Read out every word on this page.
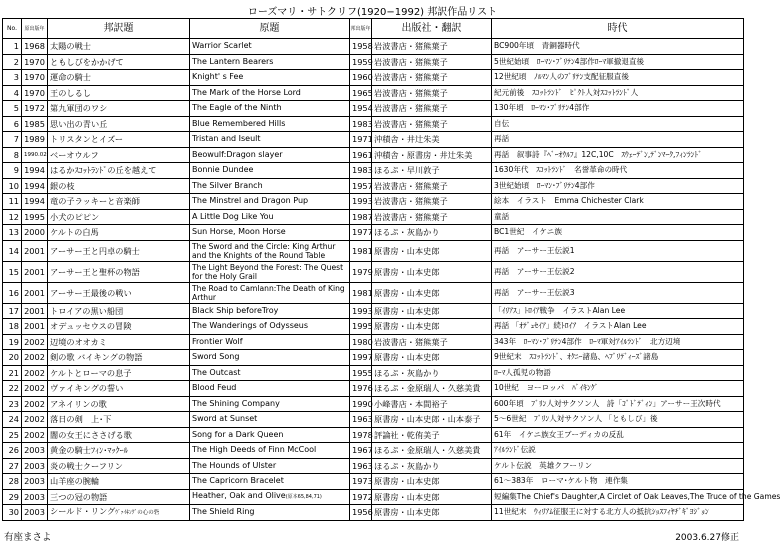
ローズマリ・サトクリフ(1920−1992) 邦訳作品リスト
No.	原出版年	邦訳題	原題	邦出版年	出版社・翻訳	時代
1	1968	太陽の戦士	Warrior Scarlet	1958	岩波書店・猪熊葉子	BC900年頃　青銅器時代
2	1970	ともしびをかかげて	The Lantern Bearers	1959	岩波書店・猪熊葉子	5世紀始頃　ﾛｰﾏﾝ･ﾌﾞﾘﾃﾝ4部作ﾛｰﾏ軍撤退直後
3	1970	運命の騎士	Knight' s Fee	1960	岩波書店・猪熊葉子	12世紀頃　ﾉﾙﾏﾝ人のﾌﾞﾘﾃﾝ支配征服直後
4	1970	王のしるし	The Mark of the Horse Lord	1965	岩波書店・猪熊葉子	紀元前後　ｽｺｯﾄﾗﾝﾄﾞ　ﾋﾟｸﾄ人対ｽｺｯﾄﾗﾝﾄﾞ人
5	1972	第九軍団のワシ	The Eagle of the Ninth	1954	岩波書店・猪熊葉子	130年頃　ﾛｰﾏﾝ･ﾌﾞﾘﾃﾝ4部作
6	1985	思い出の青い丘	Blue Remembered Hills	1983	岩波書店・猪熊葉子	自伝
7	1989	トリスタンとイズー	Tristan and Iseult	1971	沖積舎・井辻朱美	再話
8	1990.02	ベーオウルフ	Beowulf:Dragon slayer	1961	沖積舎・原書房・井辻朱美	再話　叙事詩『ﾍﾞｰｵｳﾙﾌ』12C,10C　ｽｳｪｰﾃﾞﾝ,ﾃﾞﾝﾏｰｸ,ﾌｨﾝﾗﾝﾄﾞ
9	1994	はるかｽｺｯﾄﾗﾝﾄﾞの丘を越えて	Bonnie Dundee	1983	ほるぷ・早川敦子	1630年代　ｽｺｯﾄﾗﾝﾄﾞ　名誉革命の時代
10	1994	銀の枝	The Silver Branch	1957	岩波書店・猪熊葉子	3世紀始頃　ﾛｰﾏﾝ･ﾌﾞﾘﾃﾝ4部作
11	1994	竜の子ラッキーと音楽師	The Minstrel and Dragon Pup	1993	岩波書店・猪熊葉子	絵本　イラスト　Emma Chichester Clark
12	1995	小犬のピピン	A Little Dog Like You	1987	岩波書店・猪熊葉子	童話
13	2000	ケルトの白馬	Sun Horse, Moon Horse	1977	ほるぷ・灰島かり	BC1世紀　イケニ族
14	2001	アーサー王と円卓の騎士	The Sword and the Circle: King Arthur and the Knights of the Round Table	1981	原書房・山本史郎	再話　アーサー王伝説1
15	2001	アーサー王と聖杯の物語	The Light Beyond the Forest: The Quest for the Holy Grail	1979	原書房・山本史郎	再話　アーサー王伝説2
16	2001	アーサー王最後の戦い	The Road to Camlann:The Death of King Arthur	1981	原書房・山本史郎	再話　アーサー王伝説3
17	2001	トロイアの黒い船団	Black Ship beforeTroy	1993	原書房・山本史郎	「ｲﾘｱｽ」ﾄﾛｲｱ戦争　イラストAlan Lee
18	2001	オデュッセウスの冒険	The Wanderings of Odysseus	1995	原書房・山本史郎	再話 「ｵﾃﾞｭｾｲｱ」続ﾄﾛｲｱ　イラストAlan Lee
19	2002	辺境のオオカミ	Frontier Wolf	1980	岩波書店・猪熊葉子	343年　ﾛｰﾏﾝ･ﾌﾞﾘﾃﾝ4部作　ﾛｰﾏ軍対ｱｲﾙﾗﾝﾄﾞ　北方辺境
20	2002	剣の歌 バイキングの物語	Sword Song	1997	原書房・山本史郎	9世紀末　ｽｺｯﾄﾗﾝﾄﾞ、ｵｸﾆｰ諸島、ﾍﾌﾞﾘﾃﾞｨｰｽﾞ諸島
21	2002	ケルトとローマの息子	The Outcast	1955	ほるぷ・灰島かり	ﾛｰﾏ人孤児の物語
22	2002	ヴァイキングの誓い	Blood Feud	1976	ほるぷ・金原瑞人・久慈美貴	10世紀　ヨーロッパ　ﾊﾞｲｷﾝｸﾞ
23	2002	アネイリンの歌	The Shining Company	1990	小峰書店・本間裕子	600年頃　ﾌﾞﾘﾝ人対サクソン人　詩「ｺﾞﾄﾞﾃﾞｨﾝ」アーサー王次時代
24	2002	落日の剣　上･下	Sword at Sunset	1963	原書房・山本史郎・山本泰子	5〜6世紀　ﾌﾞﾘﾝ人対サクソン人 「ともしび」後
25	2002	闇の女王にささげる歌	Song for a Dark Queen	1978	評論社・乾侑美子	61年　イケニ族女王ブーディカの反乱
26	2003	黄金の騎士ﾌｨﾝ･ﾏｯｸｰﾙ	The High Deeds of Finn McCool	1967	ほるぷ・金原瑞人・久慈美貴	ｱｲﾙﾗﾝﾄﾞ伝説
27	2003	炎の戦士クーフリン	The Hounds of Ulster	1963	ほるぷ・灰島かり	ケルト伝説　英雄クフーリン
28	2003	山羊座の腕輪	The Capricorn Bracelet	1973	原書房・山本史郎	61〜383年　ローマ･ケルト物　連作集
29	2003	三つの冠の物語	Heather, Oak and Olive(原本65,84,71)	1972	原書房・山本史郎	短編集The Chief's Daughter,A Circlet of Oak Leaves,The Truce of the Games
30	2003	シールド・リングｳﾞｧｲｷﾝｸﾞの心の砦	The Shield Ring	1956	原書房・山本史郎	11世紀末　ｳｨﾘｱﾑ征服王に対する北方人の抵抗ｼｮｽﾌｨﾔﾁﾞｷﾞﾖｼﾞｮﾝ
有座まさよ	2003.6.27修正
